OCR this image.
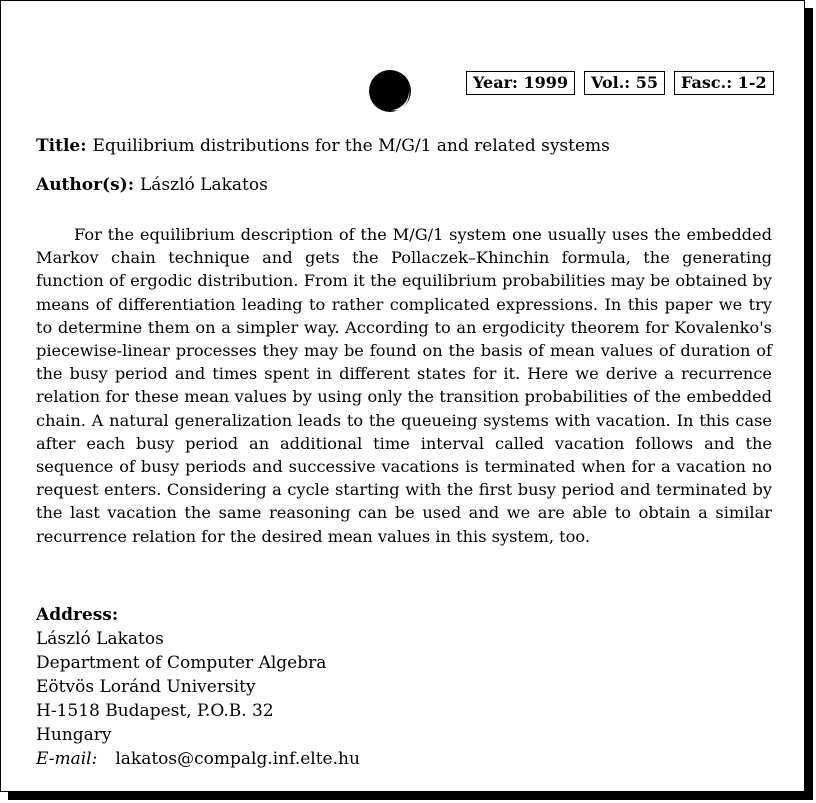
Year: 1999	Vol.: 55	Fasc.: 1-2
Title: Equilibrium distributions for the M/G/1 and related systems
Author(s): László Lakatos

For the equilibrium description of the M/G/1 system one usually uses the embedded Markov chain technique and gets the Pollaczek–Khinchin formula, the generating function of ergodic distribution. From it the equilibrium probabilities may be obtained by means of differentiation leading to rather complicated expressions. In this paper we try to determine them on a simpler way. According to an ergodicity theorem for Kovalenko's piecewise-linear processes they may be found on the basis of mean values of duration of the busy period and times spent in different states for it. Here we derive a recurrence relation for these mean values by using only the transition probabilities of the embedded chain. A natural generalization leads to the queueing systems with vacation. In this case after each busy period an additional time interval called vacation follows and the sequence of busy periods and successive vacations is terminated when for a vacation no request enters. Considering a cycle starting with the first busy period and terminated by the last vacation the same reasoning can be used and we are able to obtain a similar recurrence relation for the desired mean values in this system, too.

Address:
László Lakatos
Department of Computer Algebra
Eötvös Loránd University
H-1518 Budapest, P.O.B. 32
Hungary
E-mail: lakatos@compalg.inf.elte.hu
